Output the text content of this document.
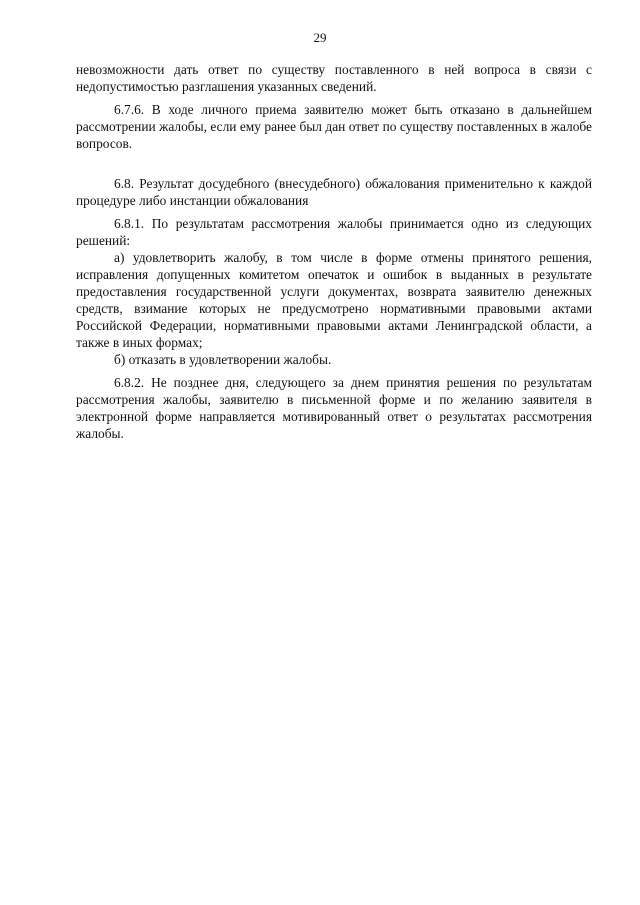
29

невозможности дать ответ по существу поставленного в ней вопроса в связи с недопустимостью разглашения указанных сведений.

6.7.6. В ходе личного приема заявителю может быть отказано в дальнейшем рассмотрении жалобы, если ему ранее был дан ответ по существу поставленных в жалобе вопросов.

6.8. Результат досудебного (внесудебного) обжалования применительно к каждой процедуре либо инстанции обжалования

6.8.1. По результатам рассмотрения жалобы принимается одно из следующих решений:

а) удовлетворить жалобу, в том числе в форме отмены принятого решения, исправления допущенных комитетом опечаток и ошибок в выданных в результате предоставления государственной услуги документах, возврата заявителю денежных средств, взимание которых не предусмотрено нормативными правовыми актами Российской Федерации, нормативными правовыми актами Ленинградской области, а также в иных формах;

б) отказать в удовлетворении жалобы.

6.8.2. Не позднее дня, следующего за днем принятия решения по результатам рассмотрения жалобы, заявителю в письменной форме и по желанию заявителя в электронной форме направляется мотивированный ответ о результатах рассмотрения жалобы.
